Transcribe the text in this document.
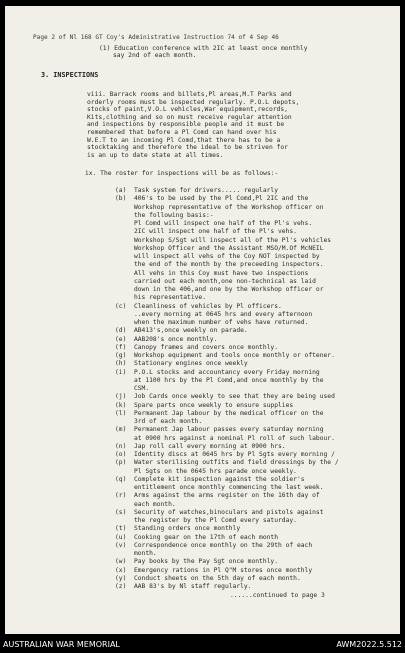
Page 2 of Nl 168 GT Coy's Administrative Instruction 74 of 4 Sep 46
(1) Education conference with 2IC at least once monthly
say 2nd of each month.
3. INSPECTIONS
viii. Barrack rooms and billets,Pl areas,M.T Parks and
orderly rooms must be inspected regularly. P.O.L depots,
stocks of paint,V.O.L vehicles,War equipment,records,
Kits,clothing and so on must receive regular attention
and inspections by responsible people and it must be
remembered that before a Pl Comd can hand over his
W.E.T to an incoming Pl Comd,that there has to be a
stocktaking and therefore the ideal to be striven for
is an up to date state at all times.
ix. The roster for inspections will be as follows:-
(a)  Task system for drivers..... regularly
(b)  406's to be used by the Pl Comd,Pl 2IC and the
Workshop representative of the Workshop officer on
the following basis:-
Pl Comd will inspect one half of the Pl's vehs.
2IC will inspect one half of the Pl's vehs.
Workshop S/Sgt will inspect all of the Pl's vehicles
Workshop Officer and the Assistant MSO/M.Of McNEIL
will inspect all vehs of the Coy NOT inspected by
the end of the month by the preceeding inspectors.
All vehs in this Coy must have two inspections
carried out each month,one non-technical as laid
down in the 406,and one by the Workshop officer or
his representative.
(c)  Cleanliness of vehicles by Pl officers.
..every morning at 0645 hrs and every afternoon
when the maximum number of vehs have returned.
(d)  AB413's,once weekly on parade.
(e)  AAB208's once monthly.
(f)  Canopy frames and covers once monthly.
(g)  Workshop equipment and tools once monthly or oftener.
(h)  Stationary engines once weekly
(i)  P.O.L stocks and accountancy every Friday morning
at 1100 hrs by the Pl Comd,and once monthly by the
CSM.
(j)  Job Cards once weekly to see that they are being used
(k)  Spare parts once weekly to ensure supplies
(l)  Permanent Jap labour by the medical officer on the
3rd of each month.
(m)  Permanent Jap labour passes every saturday morning
at 0900 hrs against a nominal Pl roll of such labour.
(n)  Jap roll call every morning at 0900 hrs.
(o)  Identity discs at 0645 hrs by Pl Sgts every morning /
(p)  Water sterilising outfits and field dressings by the /
Pl Sgts on the 0645 hrs parade once weekly.
(q)  Complete kit inspection against the soldier's
entitlement once monthly commencing the last week.
(r)  Arms against the arms register on the 16th day of
each month.
(s)  Security of watches,binoculars and pistols against
the register by the Pl Comd every saturday.
(t)  Standing orders once monthly
(u)  Cooking gear on the 17th of each month
(v)  Correspondence once monthly on the 29th of each
month.
(w)  Pay books by the Pay Sgt once monthly.
(x)  Emergency rations in Pl Q"M stores once monthly
(y)  Conduct sheets on the 5th day of each month.
(z)  AAB 83's by Nl staff regularly.
......continued to page 3
AUSTRALIAN WAR MEMORIAL	AWM2022.5.512
